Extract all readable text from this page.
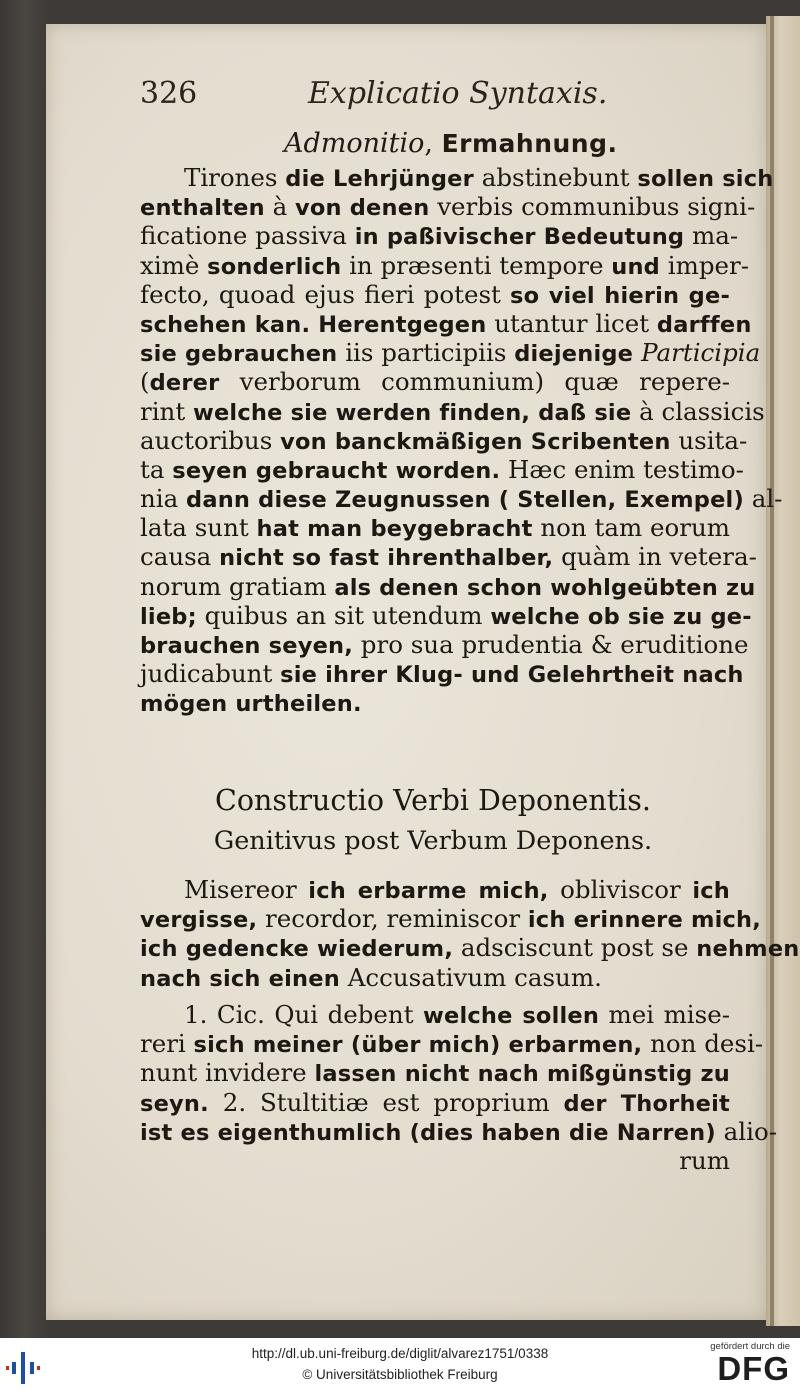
326	Explicatio Syntaxis.
Admonitio, Ermahnung.
Tirones die Lehrjünger abstinebunt sollen sich
enthalten à von denen verbis communibus signi-
ficatione passiva in paßivischer Bedeutung ma-
ximè sonderlich in præsenti tempore und imper-
fecto, quoad ejus fieri potest so viel hierin ge-
schehen kan. Herentgegen utantur licet darffen
sie gebrauchen iis participiis diejenige Participia
(derer verborum communium) quæ repere-
rint welche sie werden finden, daß sie à classicis
auctoribus von banckmäßigen Scribenten usita-
ta seyen gebraucht worden. Hæc enim testimo-
nia dann diese Zeugnussen ( Stellen, Exempel) al-
lata sunt hat man beygebracht non tam eorum
causa nicht so fast ihrenthalber, quàm in vetera-
norum gratiam als denen schon wohlgeübten zu
lieb; quibus an sit utendum welche ob sie zu ge-
brauchen seyen, pro sua prudentia & eruditione
judicabunt sie ihrer Klug- und Gelehrtheit nach
mögen urtheilen.
Constructio Verbi Deponentis.
Genitivus post Verbum Deponens.
Misereor ich erbarme mich, obliviscor ich
vergisse, recordor, reminiscor ich erinnere mich,
ich gedencke wiederum, adsciscunt post se nehmen
nach sich einen Accusativum casum.
1. Cic. Qui debent welche sollen mei mise-
reri sich meiner (über mich) erbarmen, non desi-
nunt invidere lassen nicht nach mißgünstig zu
seyn. 2. Stultitiæ est proprium der Thorheit
ist es eigenthumlich (dies haben die Narren) alio-
rum
http://dl.ub.uni-freiburg.de/diglit/alvarez1751/0338
© Universitätsbibliothek Freiburg
gefördert durch die
DFG
